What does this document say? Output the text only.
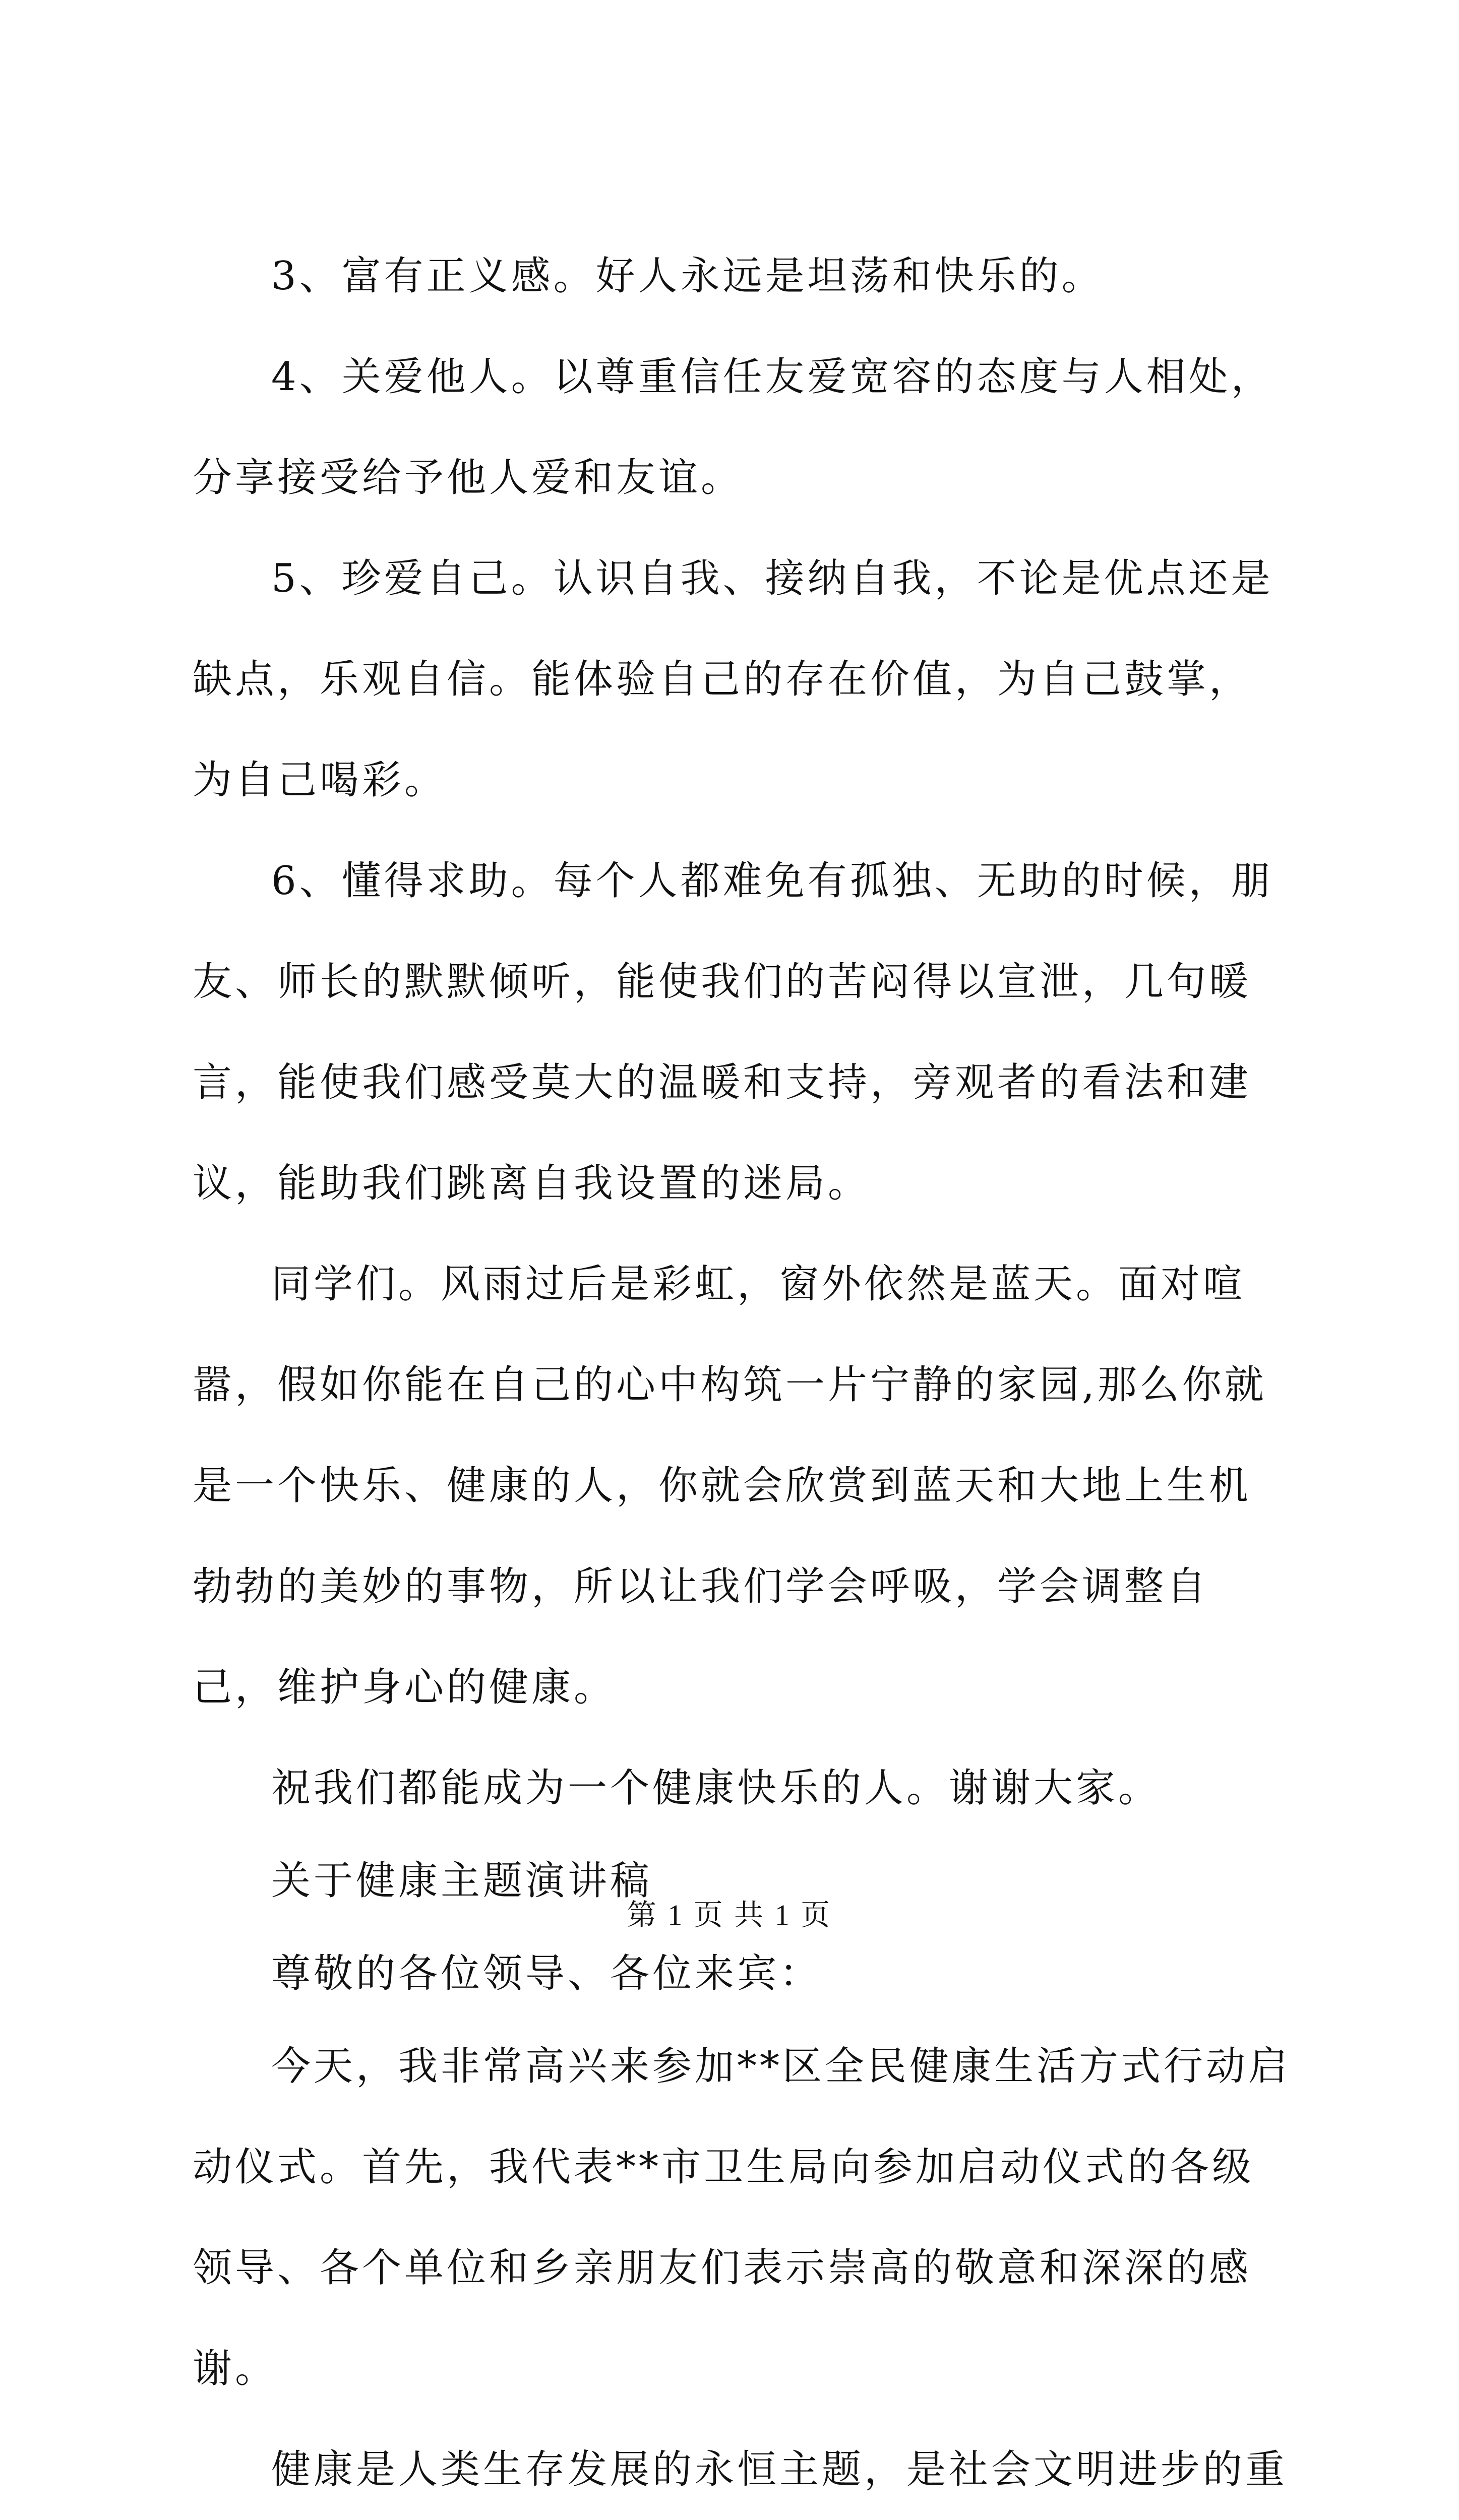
3、富有正义感。好人永远是坦荡和快乐的。

4、关爱他人。以尊重信任友爱宽容的态度与人相处，分享接受给予他人爱和友谊。

5、珍爱自己。认识自我、接纳自我，不论是优点还是缺点，乐观自信。能体验自己的存在价值，为自己鼓掌，为自己喝彩。

6、懂得求助。每个人都难免有孤独、无助的时候，朋友、师长的默默倾听，能使我们的苦闷得以宣泄，几句暖言，能使我们感受莫大的温暖和支持，旁观者的看法和建议，能助我们跳离自我设置的迷局。

同学们。风雨过后是彩虹，窗外依然是蓝天。面对喧嚣，假如你能在自己的心中构筑一片宁静的家园,那么你就是一个快乐、健康的人，你就会欣赏到蓝天和大地上生机勃勃的美妙的事物，所以让我们学会呼吸，学会调整自己，维护身心的健康。

祝我们都能成为一个健康快乐的人。谢谢大家。

关于健康主题演讲稿

尊敬的各位领导、各位来宾：

今天，我非常高兴来参加**区全民健康生活方式行动启动仪式。首先，我代表**市卫生局向参加启动仪式的各级领导、各个单位和乡亲朋友们表示崇高的敬意和深深的感谢。

健康是人类生存发展的永恒主题，是社会文明进步的重

第 1 页 共 1 页
